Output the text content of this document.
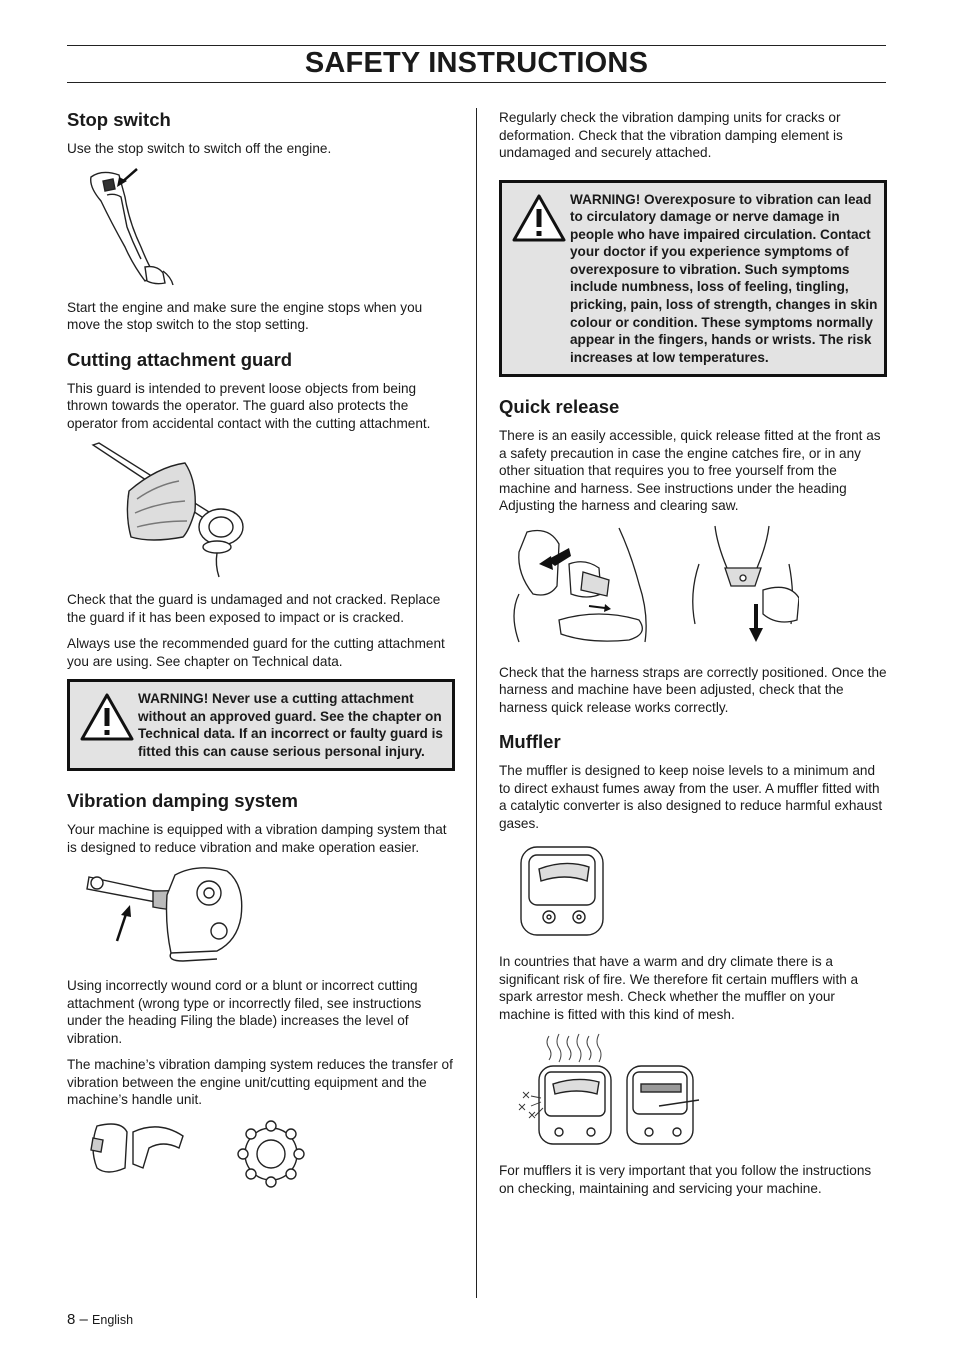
SAFETY INSTRUCTIONS
Stop switch

Use the stop switch to switch off the engine.

Start the engine and make sure the engine stops when you move the stop switch to the stop setting.

Cutting attachment guard

This guard is intended to prevent loose objects from being thrown towards the operator. The guard also protects the operator from accidental contact with the cutting attachment.

Check that the guard is undamaged and not cracked. Replace the guard if it has been exposed to impact or is cracked.

Always use the recommended guard for the cutting attachment you are using. See chapter on Technical data.

WARNING! Never use a cutting attachment without an approved guard. See the chapter on Technical data. If an incorrect or faulty guard is fitted this can cause serious personal injury.
Vibration damping system

Your machine is equipped with a vibration damping system that is designed to reduce vibration and make operation easier.

Using incorrectly wound cord or a blunt or incorrect cutting attachment (wrong type or incorrectly filed, see instructions under the heading Filing the blade) increases the level of vibration.

The machine’s vibration damping system reduces the transfer of vibration between the engine unit/cutting equipment and the machine’s handle unit.

Regularly check the vibration damping units for cracks or deformation. Check that the vibration damping element is undamaged and securely attached.

WARNING! Overexposure to vibration can lead to circulatory damage or nerve damage in people who have impaired circulation. Contact your doctor if you experience symptoms of overexposure to vibration. Such symptoms include numbness, loss of feeling, tingling, pricking, pain, loss of strength, changes in skin colour or condition. These symptoms normally appear in the fingers, hands or wrists. The risk increases at low temperatures.
Quick release

There is an easily accessible, quick release fitted at the front as a safety precaution in case the engine catches fire, or in any other situation that requires you to free yourself from the machine and harness. See instructions under the heading Adjusting the harness and clearing saw.

Check that the harness straps are correctly positioned. Once the harness and machine have been adjusted, check that the harness quick release works correctly.

Muffler

The muffler is designed to keep noise levels to a minimum and to direct exhaust fumes away from the user. A muffler fitted with a catalytic converter is also designed to reduce harmful exhaust gases.

In countries that have a warm and dry climate there is a significant risk of fire. We therefore fit certain mufflers with a spark arrestor mesh. Check whether the muffler on your machine is fitted with this kind of mesh.

For mufflers it is very important that you follow the instructions on checking, maintaining and servicing your machine.

8 – English
